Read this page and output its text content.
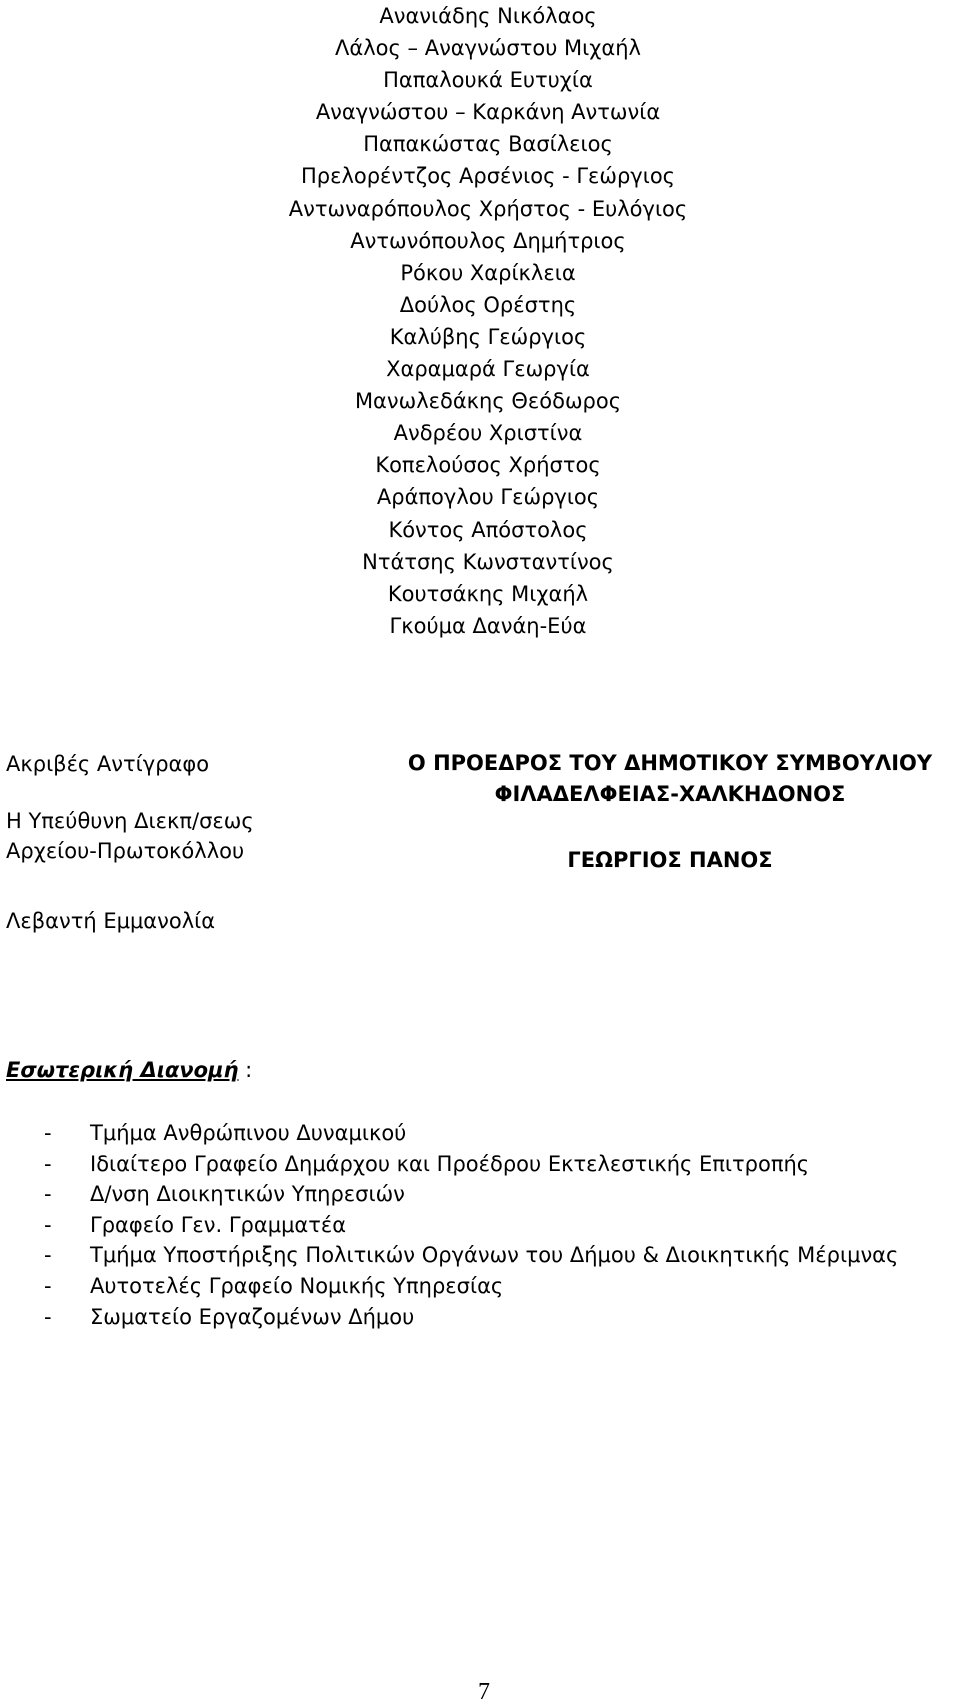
Ανανιάδης Νικόλαος
Λάλος – Αναγνώστου Μιχαήλ
Παπαλουκά Ευτυχία
Αναγνώστου – Καρκάνη Αντωνία
Παπακώστας Βασίλειος
Πρελορέντζος Αρσένιος - Γεώργιος
Αντωναρόπουλος Χρήστος - Ευλόγιος
Αντωνόπουλος Δημήτριος
Ρόκου Χαρίκλεια
Δούλος Ορέστης
Καλύβης Γεώργιος
Χαραμαρά Γεωργία
Μανωλεδάκης Θεόδωρος
Ανδρέου Χριστίνα
Κοπελούσος Χρήστος
Αράπογλου Γεώργιος
Κόντος Απόστολος
Ντάτσης Κωνσταντίνος
Κουτσάκης Μιχαήλ
Γκούμα Δανάη-Εύα
Ακριβές Αντίγραφο
Η Υπεύθυνη Διεκπ/σεως
Αρχείου-Πρωτοκόλλου
Λεβαντή Εμμανολία
Ο ΠΡΟΕΔΡΟΣ ΤΟΥ ΔΗΜΟΤΙΚΟΥ ΣΥΜΒΟΥΛΙΟΥ
ΦΙΛΑΔΕΛΦΕΙΑΣ-ΧΑΛΚΗΔΟΝΟΣ
ΓΕΩΡΓΙΟΣ ΠΑΝΟΣ
Εσωτερική Διανομή :
- Τμήμα Ανθρώπινου Δυναμικού
- Ιδιαίτερο Γραφείο Δημάρχου και Προέδρου Εκτελεστικής Επιτροπής
- Δ/νση Διοικητικών Υπηρεσιών
- Γραφείο Γεν. Γραμματέα
- Τμήμα Υποστήριξης Πολιτικών Οργάνων του Δήμου & Διοικητικής Μέριμνας
- Αυτοτελές Γραφείο Νομικής Υπηρεσίας
- Σωματείο Εργαζομένων Δήμου
7
